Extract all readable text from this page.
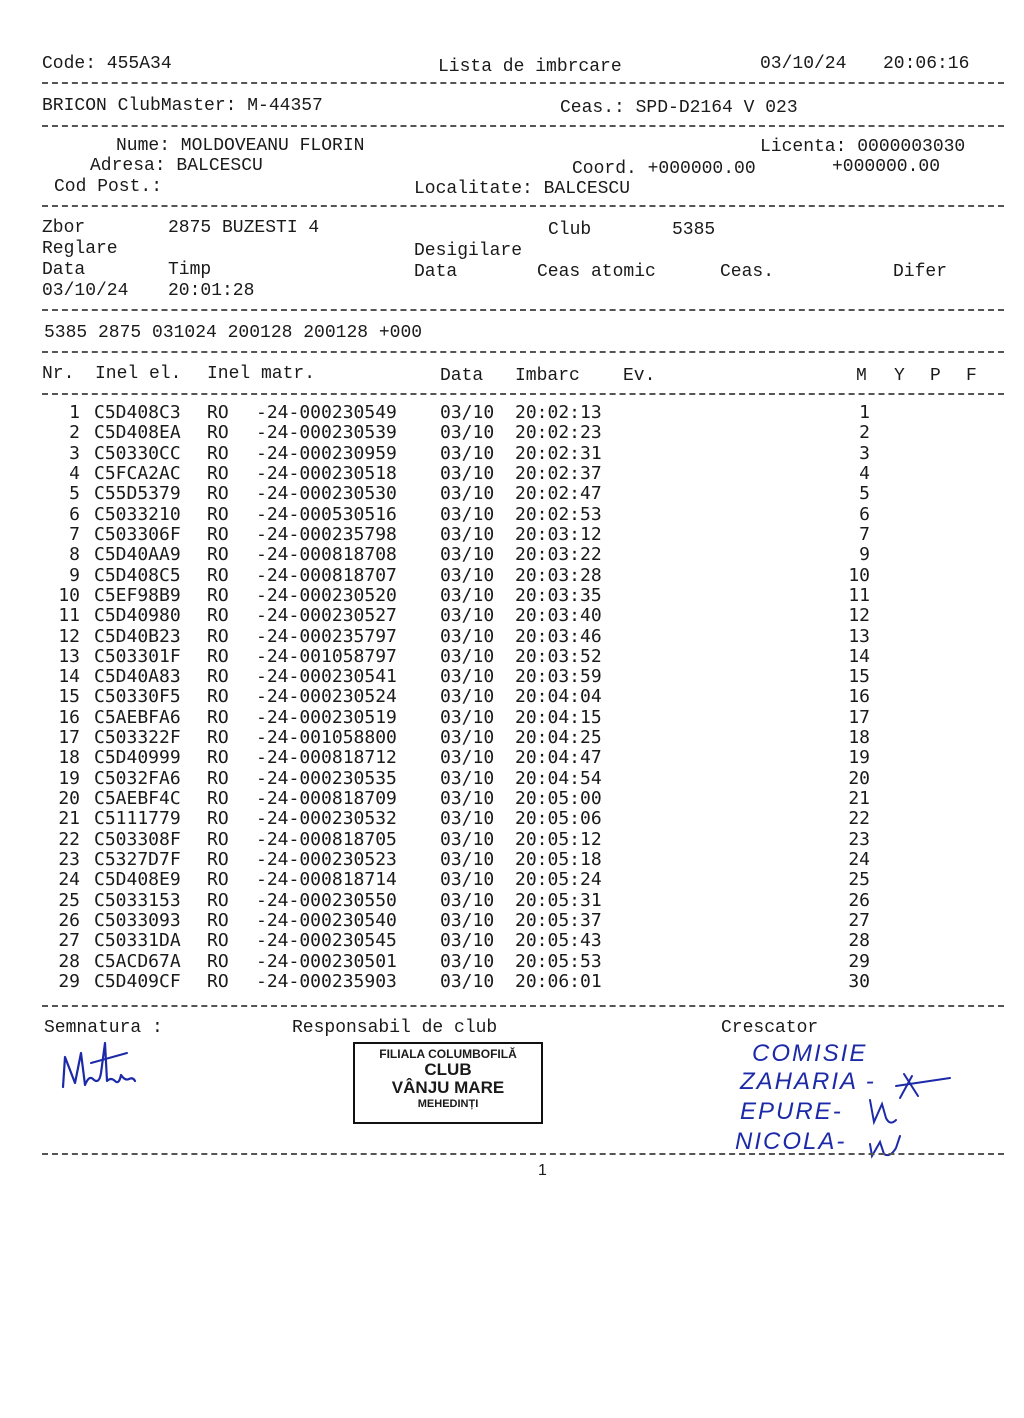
Code: 455A34	Lista de imbrcare	03/10/24 20:06:16
BRICON ClubMaster: M-44357	Ceas.: SPD-D2164 V 023
Nume: MOLDOVEANU FLORIN	Licenta: 0000003030
Adresa: BALCESCU	Coord. +000000.00	+000000.00
Cod Post.:	Localitate: BALCESCU
Zbor	2875 BUZESTI 4	Club	5385
Reglare	Desigilare
Data	Timp	Data	Ceas atomic	Ceas.	Difer
03/10/24 20:01:28
5385 2875 031024 200128 200128 +000
Nr. Inel el. Inel matr.	Data Imbarc Ev.	M Y P F
1 C5D408C3 RO -24-000230549 03/10 20:02:13	1
2 C5D408EA RO -24-000230539 03/10 20:02:23	2
3 C50330CC RO -24-000230959 03/10 20:02:31	3
4 C5FCA2AC RO -24-000230518 03/10 20:02:37	4
5 C55D5379 RO -24-000230530 03/10 20:02:47	5
6 C5033210 RO -24-000530516 03/10 20:02:53	6
7 C503306F RO -24-000235798 03/10 20:03:12	7
8 C5D40AA9 RO -24-000818708 03/10 20:03:22	9
9 C5D408C5 RO -24-000818707 03/10 20:03:28	10
10 C5EF98B9 RO -24-000230520 03/10 20:03:35	11
11 C5D40980 RO -24-000230527 03/10 20:03:40	12
12 C5D40B23 RO -24-000235797 03/10 20:03:46	13
13 C503301F RO -24-001058797 03/10 20:03:52	14
14 C5D40A83 RO -24-000230541 03/10 20:03:59	15
15 C50330F5 RO -24-000230524 03/10 20:04:04	16
16 C5AEBFA6 RO -24-000230519 03/10 20:04:15	17
17 C503322F RO -24-001058800 03/10 20:04:25	18
18 C5D40999 RO -24-000818712 03/10 20:04:47	19
19 C5032FA6 RO -24-000230535 03/10 20:04:54	20
20 C5AEBF4C RO -24-000818709 03/10 20:05:00	21
21 C5111779 RO -24-000230532 03/10 20:05:06	22
22 C503308F RO -24-000818705 03/10 20:05:12	23
23 C5327D7F RO -24-000230523 03/10 20:05:18	24
24 C5D408E9 RO -24-000818714 03/10 20:05:24	25
25 C5033153 RO -24-000230550 03/10 20:05:31	26
26 C5033093 RO -24-000230540 03/10 20:05:37	27
27 C50331DA RO -24-000230545 03/10 20:05:43	28
28 C5ACD67A RO -24-000230501 03/10 20:05:53	29
29 C5D409CF RO -24-000235903 03/10 20:06:01	30
Semnatura :	Responsabil de club	Crescator
FILIALA COLUMBOFILĂ
CLUB
VÂNJU MARE
MEHEDINȚI
COMISIE
ZAHARIA -
EPURE-
NICOLA-
1
